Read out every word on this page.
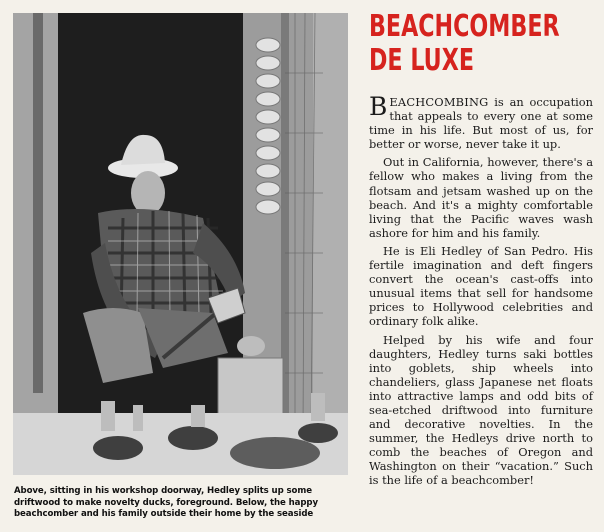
Above, sitting in his workshop doorway, Hedley splits up some driftwood to make novelty ducks, foreground. Below, the happy beachcomber and his family outside their home by the seaside
BEACHCOMBER
DE LUXE

BEACHCOMBING is an occupation that appeals to every one at some time in his life. But most of us, for better or worse, never take it up.

Out in California, however, there's a fellow who makes a living from the flotsam and jetsam washed up on the beach. And it's a mighty comfortable living that the Pacific waves wash ashore for him and his family.

He is Eli Hedley of San Pedro. His fertile imagination and deft fingers convert the ocean's cast-offs into unusual items that sell for handsome prices to Hollywood celebrities and ordinary folk alike.

Helped by his wife and four daughters, Hedley turns saki bottles into goblets, ship wheels into chandeliers, glass Japanese net floats into attractive lamps and odd bits of sea-etched driftwood into furniture and decorative novelties. In the summer, the Hedleys drive north to comb the beaches of Oregon and Washington on their “vacation.” Such is the life of a beachcomber!
